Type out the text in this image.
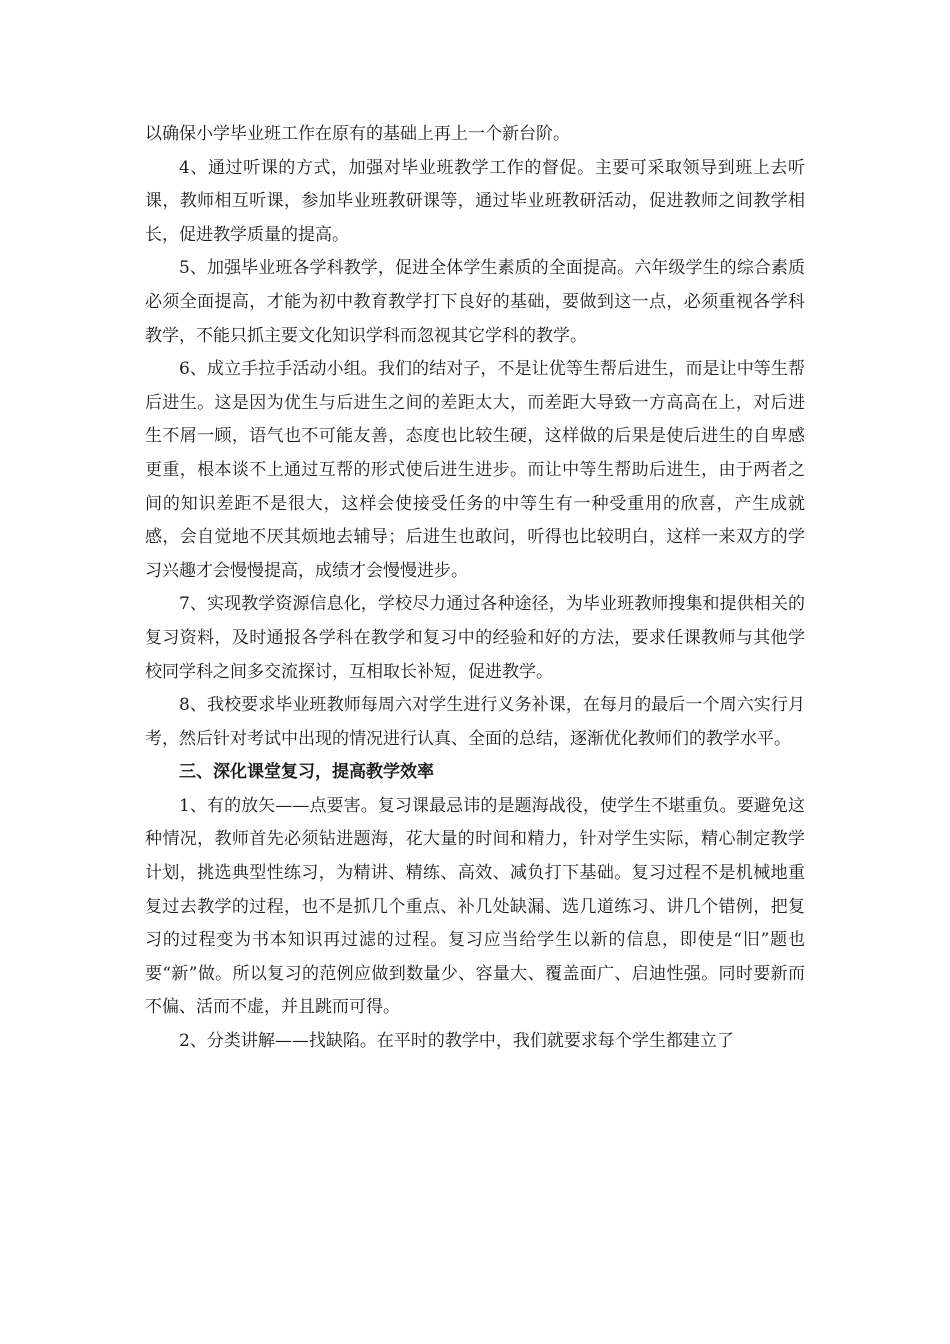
以确保小学毕业班工作在原有的基础上再上一个新台阶。

4、通过听课的方式，加强对毕业班教学工作的督促。主要可采取领导到班上去听课，教师相互听课，参加毕业班教研课等，通过毕业班教研活动，促进教师之间教学相长，促进教学质量的提高。

5、加强毕业班各学科教学，促进全体学生素质的全面提高。六年级学生的综合素质必须全面提高，才能为初中教育教学打下良好的基础，要做到这一点，必须重视各学科教学，不能只抓主要文化知识学科而忽视其它学科的教学。

6、成立手拉手活动小组。我们的结对子，不是让优等生帮后进生，而是让中等生帮后进生。这是因为优生与后进生之间的差距太大，而差距大导致一方高高在上，对后进生不屑一顾，语气也不可能友善，态度也比较生硬，这样做的后果是使后进生的自卑感更重，根本谈不上通过互帮的形式使后进生进步。而让中等生帮助后进生，由于两者之间的知识差距不是很大，这样会使接受任务的中等生有一种受重用的欣喜，产生成就感，会自觉地不厌其烦地去辅导；后进生也敢问，听得也比较明白，这样一来双方的学习兴趣才会慢慢提高，成绩才会慢慢进步。

7、实现教学资源信息化，学校尽力通过各种途径，为毕业班教师搜集和提供相关的复习资料，及时通报各学科在教学和复习中的经验和好的方法，要求任课教师与其他学校同学科之间多交流探讨，互相取长补短，促进教学。

8、我校要求毕业班教师每周六对学生进行义务补课，在每月的最后一个周六实行月考，然后针对考试中出现的情况进行认真、全面的总结，逐渐优化教师们的教学水平。

三、深化课堂复习，提高教学效率

1、有的放矢——点要害。复习课最忌讳的是题海战役，使学生不堪重负。要避免这种情况，教师首先必须钻进题海，花大量的时间和精力，针对学生实际，精心制定教学计划，挑选典型性练习，为精讲、精练、高效、减负打下基础。复习过程不是机械地重复过去教学的过程，也不是抓几个重点、补几处缺漏、选几道练习、讲几个错例，把复习的过程变为书本知识再过滤的过程。复习应当给学生以新的信息，即使是“旧”题也要“新”做。所以复习的范例应做到数量少、容量大、覆盖面广、启迪性强。同时要新而不偏、活而不虚，并且跳而可得。

2、分类讲解——找缺陷。在平时的教学中，我们就要求每个学生都建立了
